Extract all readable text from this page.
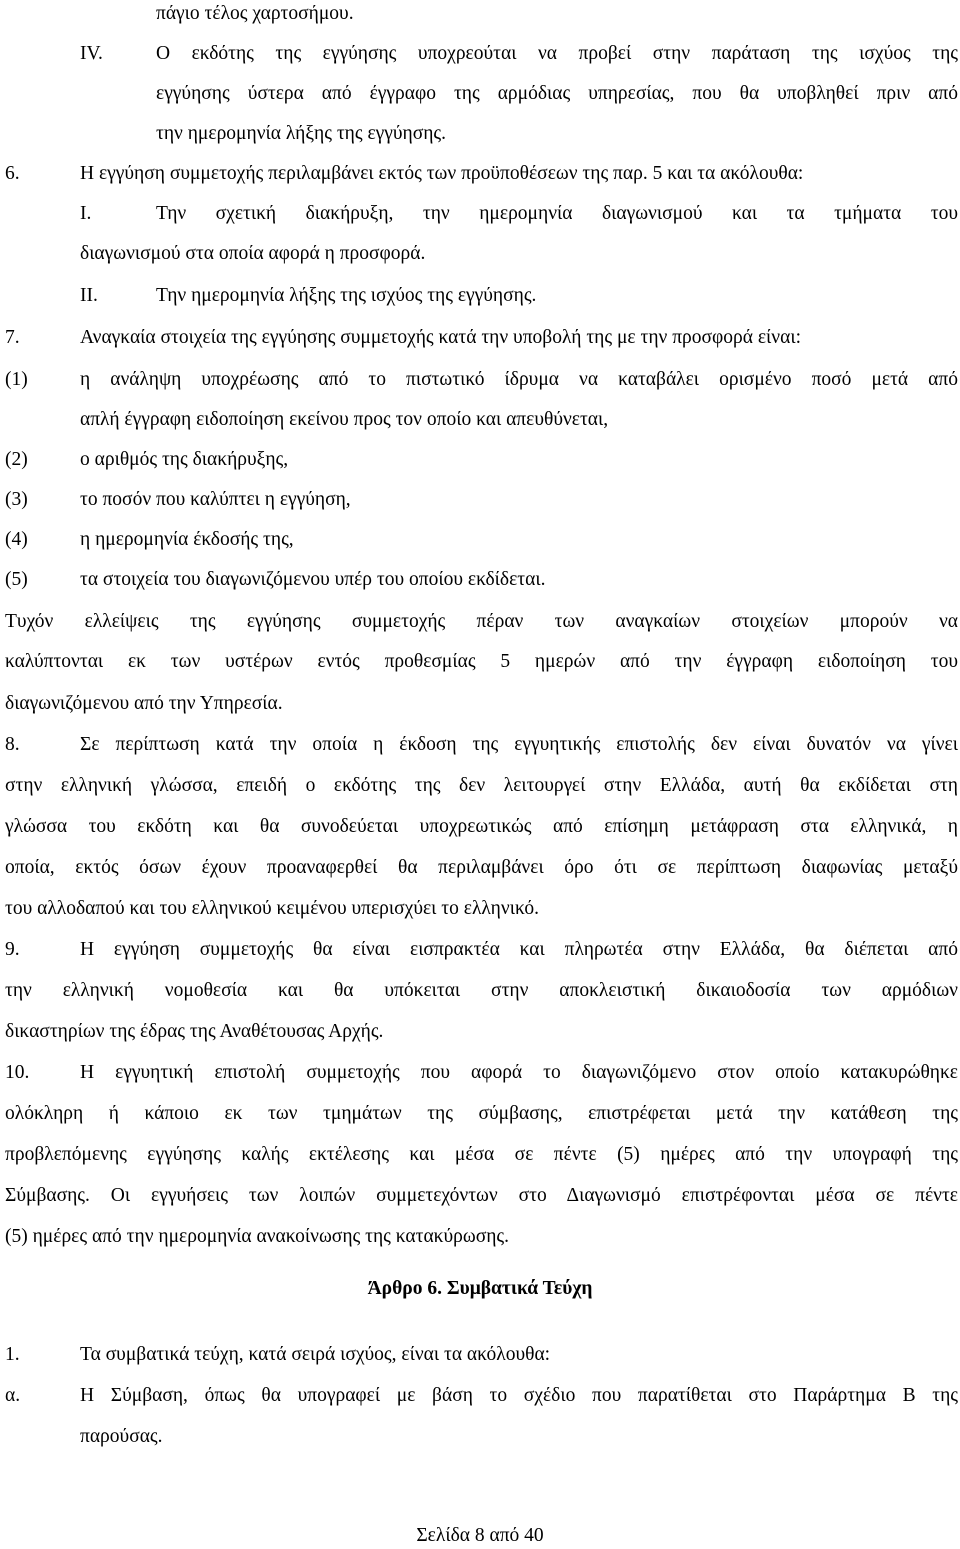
πάγιο τέλος χαρτοσήμου.
IV.	Ο εκδότης της εγγύησης υποχρεούται να προβεί στην παράταση της ισχύος της
εγγύησης ύστερα από έγγραφο της αρμόδιας υπηρεσίας, που θα υποβληθεί πριν από
την ημερομηνία λήξης της εγγύησης.
6.	Η εγγύηση συμμετοχής περιλαμβάνει εκτός των προϋποθέσεων της παρ. 5 και τα ακόλουθα:
I.	Την σχετική διακήρυξη, την ημερομηνία διαγωνισμού και τα τμήματα του
διαγωνισμού στα οποία αφορά η προσφορά.
II.	Την ημερομηνία λήξης της ισχύος της εγγύησης.
7.	Αναγκαία στοιχεία της εγγύησης συμμετοχής κατά την υποβολή της με την προσφορά είναι:
(1)	η ανάληψη υποχρέωσης από το πιστωτικό ίδρυμα να καταβάλει ορισμένο ποσό μετά από
απλή έγγραφη ειδοποίηση εκείνου προς τον οποίο και απευθύνεται,
(2)	ο αριθμός της διακήρυξης,
(3)	το ποσόν που καλύπτει η εγγύηση,
(4)	η ημερομηνία έκδοσής της,
(5)	τα στοιχεία του διαγωνιζόμενου υπέρ του οποίου εκδίδεται.
Τυχόν ελλείψεις της εγγύησης συμμετοχής πέραν των αναγκαίων στοιχείων μπορούν να
καλύπτονται εκ των υστέρων εντός προθεσμίας 5 ημερών από την έγγραφη ειδοποίηση του
διαγωνιζόμενου από την Υπηρεσία.
8.	Σε περίπτωση κατά την οποία η έκδοση της εγγυητικής επιστολής δεν είναι δυνατόν να γίνει
στην ελληνική γλώσσα, επειδή ο εκδότης της δεν λειτουργεί στην Ελλάδα, αυτή θα εκδίδεται στη
γλώσσα του εκδότη και θα συνοδεύεται υποχρεωτικώς από επίσημη μετάφραση στα ελληνικά, η
οποία, εκτός όσων έχουν προαναφερθεί θα περιλαμβάνει όρο ότι σε περίπτωση διαφωνίας μεταξύ
του αλλοδαπού και του ελληνικού κειμένου υπερισχύει το ελληνικό.
9.	Η εγγύηση συμμετοχής θα είναι εισπρακτέα και πληρωτέα στην Ελλάδα, θα διέπεται από
την ελληνική νομοθεσία και θα υπόκειται στην αποκλειστική δικαιοδοσία των αρμόδιων
δικαστηρίων της έδρας της Αναθέτουσας Αρχής.
10.	Η εγγυητική επιστολή συμμετοχής που αφορά το διαγωνιζόμενο στον οποίο κατακυρώθηκε
ολόκληρη ή κάποιο εκ των τμημάτων της σύμβασης, επιστρέφεται μετά την κατάθεση της
προβλεπόμενης εγγύησης καλής εκτέλεσης και μέσα σε πέντε (5) ημέρες από την υπογραφή της
Σύμβασης. Οι εγγυήσεις των λοιπών συμμετεχόντων στο Διαγωνισμό επιστρέφονται μέσα σε πέντε
(5) ημέρες από την ημερομηνία ανακοίνωσης της κατακύρωσης.
Άρθρο 6. Συμβατικά Τεύχη
1.	Τα συμβατικά τεύχη, κατά σειρά ισχύος, είναι τα ακόλουθα:
α.	Η Σύμβαση, όπως θα υπογραφεί με βάση το σχέδιο που παρατίθεται στο Παράρτημα Β της
παρούσας.
Σελίδα 8 από 40
